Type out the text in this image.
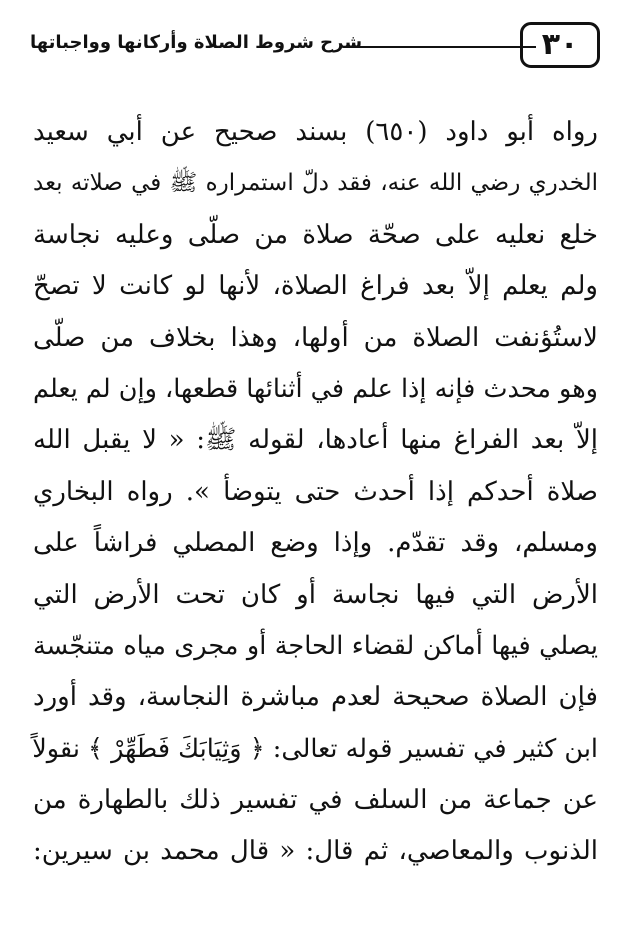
شرح شروط الصلاة وأركانها وواجباتها	٣٠
رواه أبو داود (٦٥٠) بسند صحيح عن أبي سعيد
الخدري رضي الله عنه، فقد دلّ استمراره ﷺ في صلاته بعد
خلع نعليه على صحّة صلاة من صلّى وعليه نجاسة
ولم يعلم إلاّ بعد فراغ الصلاة، لأنها لو كانت لا تصحّ
لاستُؤنفت الصلاة من أولها، وهذا بخلاف من صلّى
وهو محدث فإنه إذا علم في أثنائها قطعها، وإن لم يعلم
إلاّ بعد الفراغ منها أعادها، لقوله ﷺ: « لا يقبل الله
صلاة أحدكم إذا أحدث حتى يتوضأ ». رواه البخاري
ومسلم، وقد تقدّم. وإذا وضع المصلي فراشاً على
الأرض التي فيها نجاسة أو كان تحت الأرض التي
يصلي فيها أماكن لقضاء الحاجة أو مجرى مياه متنجّسة
فإن الصلاة صحيحة لعدم مباشرة النجاسة، وقد أورد
ابن كثير في تفسير قوله تعالى: ﴿ وَثِيَابَكَ فَطَهِّرْ ﴾ نقولاً
عن جماعة من السلف في تفسير ذلك بالطهارة من
الذنوب والمعاصي، ثم قال: « قال محمد بن سيرين:
